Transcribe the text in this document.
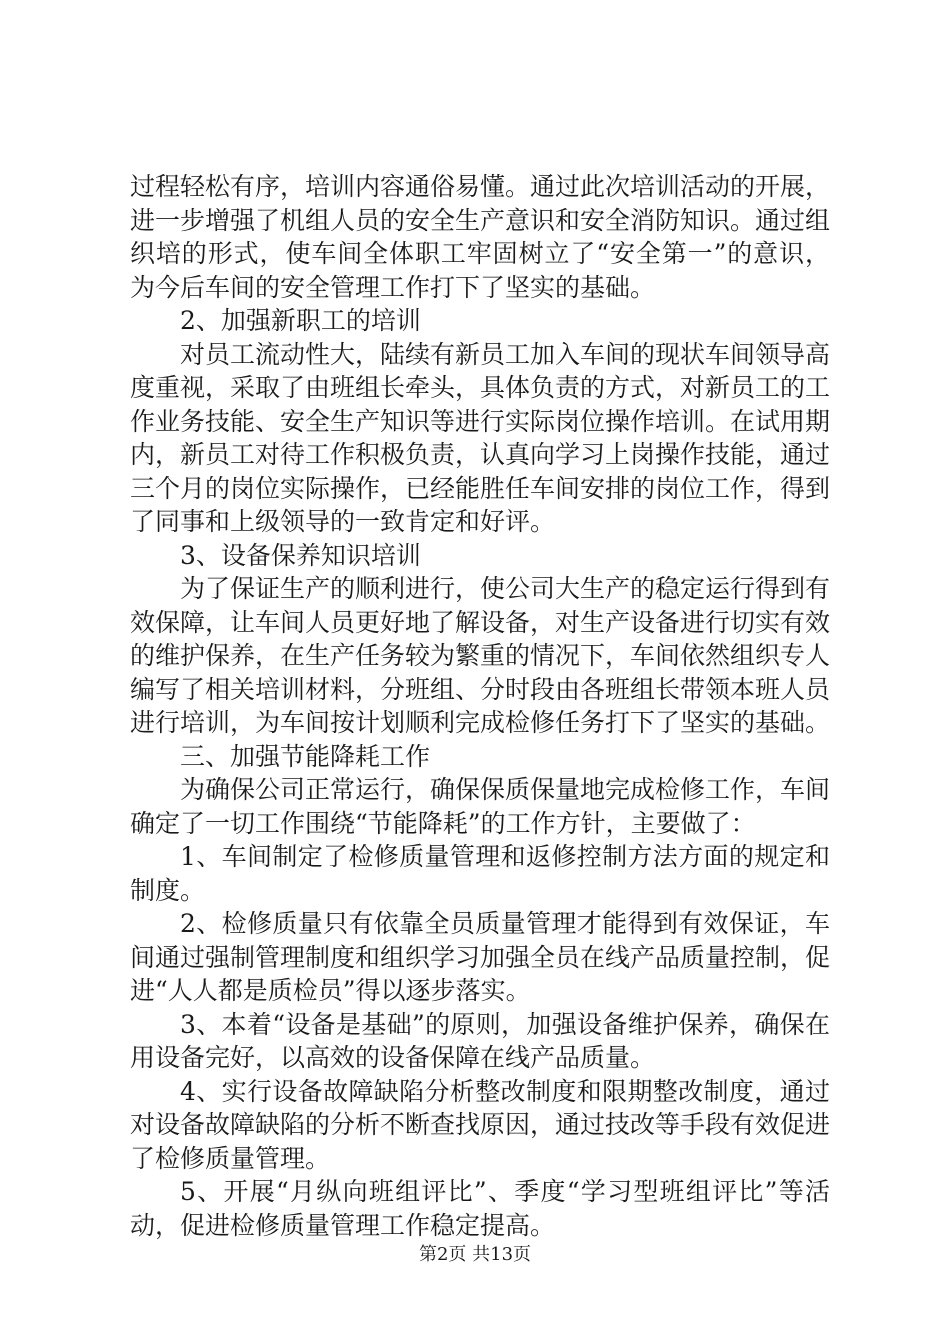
过程轻松有序，培训内容通俗易懂。通过此次培训活动的开展，进一步增强了机组人员的安全生产意识和安全消防知识。通过组织培的形式，使车间全体职工牢固树立了“安全第一”的意识，为今后车间的安全管理工作打下了坚实的基础。

2、加强新职工的培训

对员工流动性大，陆续有新员工加入车间的现状车间领导高度重视，采取了由班组长牵头，具体负责的方式，对新员工的工作业务技能、安全生产知识等进行实际岗位操作培训。在试用期内，新员工对待工作积极负责，认真向学习上岗操作技能，通过三个月的岗位实际操作，已经能胜任车间安排的岗位工作，得到了同事和上级领导的一致肯定和好评。

3、设备保养知识培训

为了保证生产的顺利进行，使公司大生产的稳定运行得到有效保障，让车间人员更好地了解设备，对生产设备进行切实有效的维护保养，在生产任务较为繁重的情况下，车间依然组织专人编写了相关培训材料，分班组、分时段由各班组长带领本班人员进行培训，为车间按计划顺利完成检修任务打下了坚实的基础。

三、加强节能降耗工作

为确保公司正常运行，确保保质保量地完成检修工作，车间确定了一切工作围绕“节能降耗”的工作方针，主要做了：

1、车间制定了检修质量管理和返修控制方法方面的规定和制度。

2、检修质量只有依靠全员质量管理才能得到有效保证，车间通过强制管理制度和组织学习加强全员在线产品质量控制，促进“人人都是质检员”得以逐步落实。

3、本着“设备是基础”的原则，加强设备维护保养，确保在用设备完好，以高效的设备保障在线产品质量。

4、实行设备故障缺陷分析整改制度和限期整改制度，通过对设备故障缺陷的分析不断查找原因，通过技改等手段有效促进了检修质量管理。

5、开展“月纵向班组评比”、季度“学习型班组评比”等活动，促进检修质量管理工作稳定提高。

第2页 共13页
